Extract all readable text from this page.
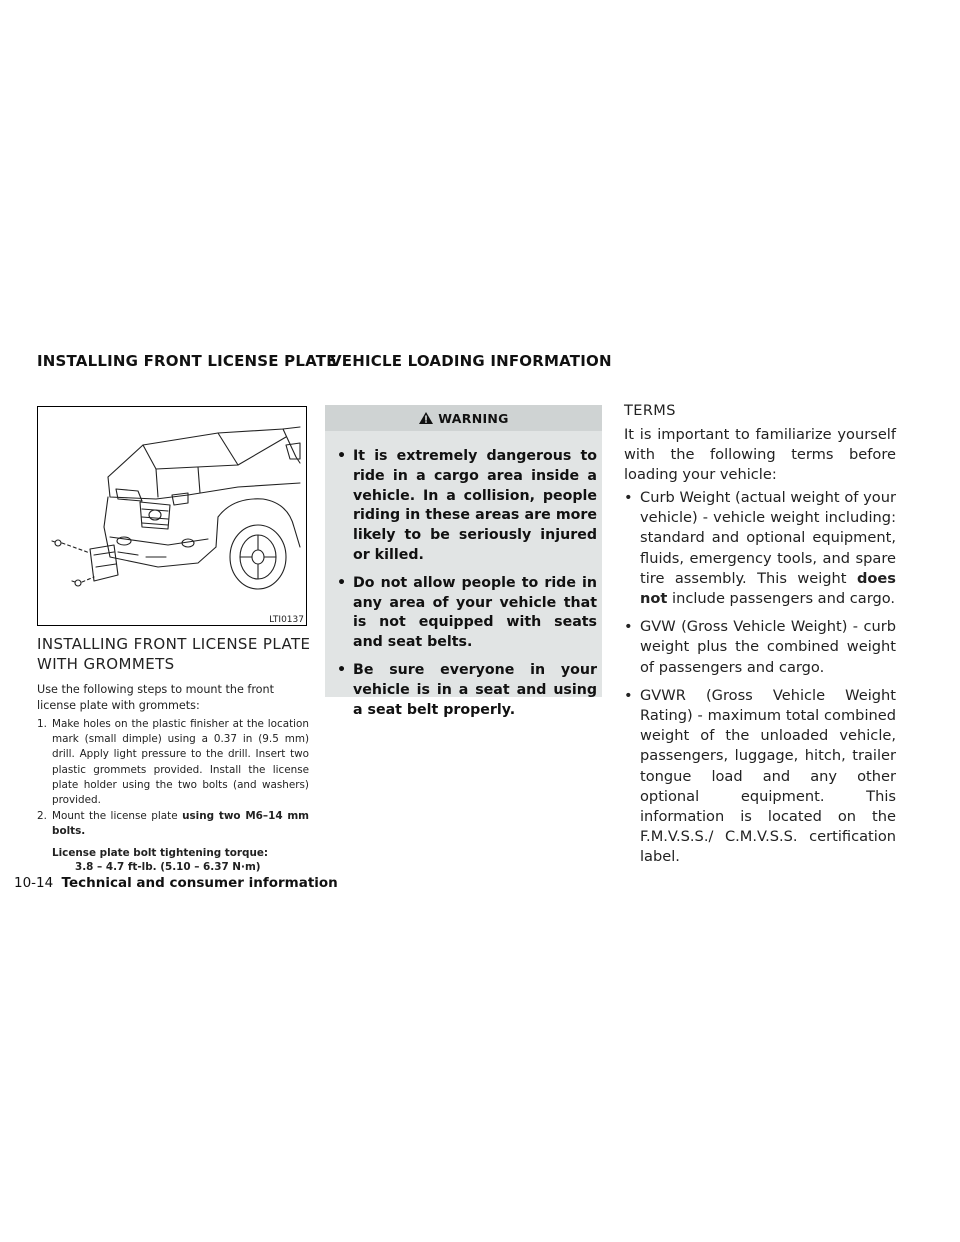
INSTALLING FRONT LICENSE PLATE
VEHICLE LOADING INFORMATION
LTI0137
INSTALLING FRONT LICENSE PLATE
WITH GROMMETS
Use the following steps to mount the front license plate with grommets:
1. Make holes on the plastic finisher at the location mark (small dimple) using a 0.37 in (9.5 mm) drill. Apply light pressure to the drill. Insert two plastic grommets provided. Install the license plate holder using the two bolts (and washers) provided.
2. Mount the license plate using two M6–14 mm bolts.
License plate bolt tightening torque:
3.8 – 4.7 ft-lb. (5.10 – 6.37 N·m)
WARNING
• It is extremely dangerous to ride in a cargo area inside a vehicle. In a collision, people riding in these areas are more likely to be seriously injured or killed.
• Do not allow people to ride in any area of your vehicle that is not equipped with seats and seat belts.
• Be sure everyone in your vehicle is in a seat and using a seat belt properly.
TERMS
It is important to familiarize yourself with the following terms before loading your vehicle:
• Curb Weight (actual weight of your vehicle) - vehicle weight including: standard and optional equipment, fluids, emergency tools, and spare tire assembly. This weight does not include passengers and cargo.
• GVW (Gross Vehicle Weight) - curb weight plus the combined weight of passengers and cargo.
• GVWR (Gross Vehicle Weight Rating) - maximum total combined weight of the unloaded vehicle, passengers, luggage, hitch, trailer tongue load and any other optional equipment. This information is located on the F.M.V.S.S./ C.M.V.S.S. certification label.
10-14 Technical and consumer information
